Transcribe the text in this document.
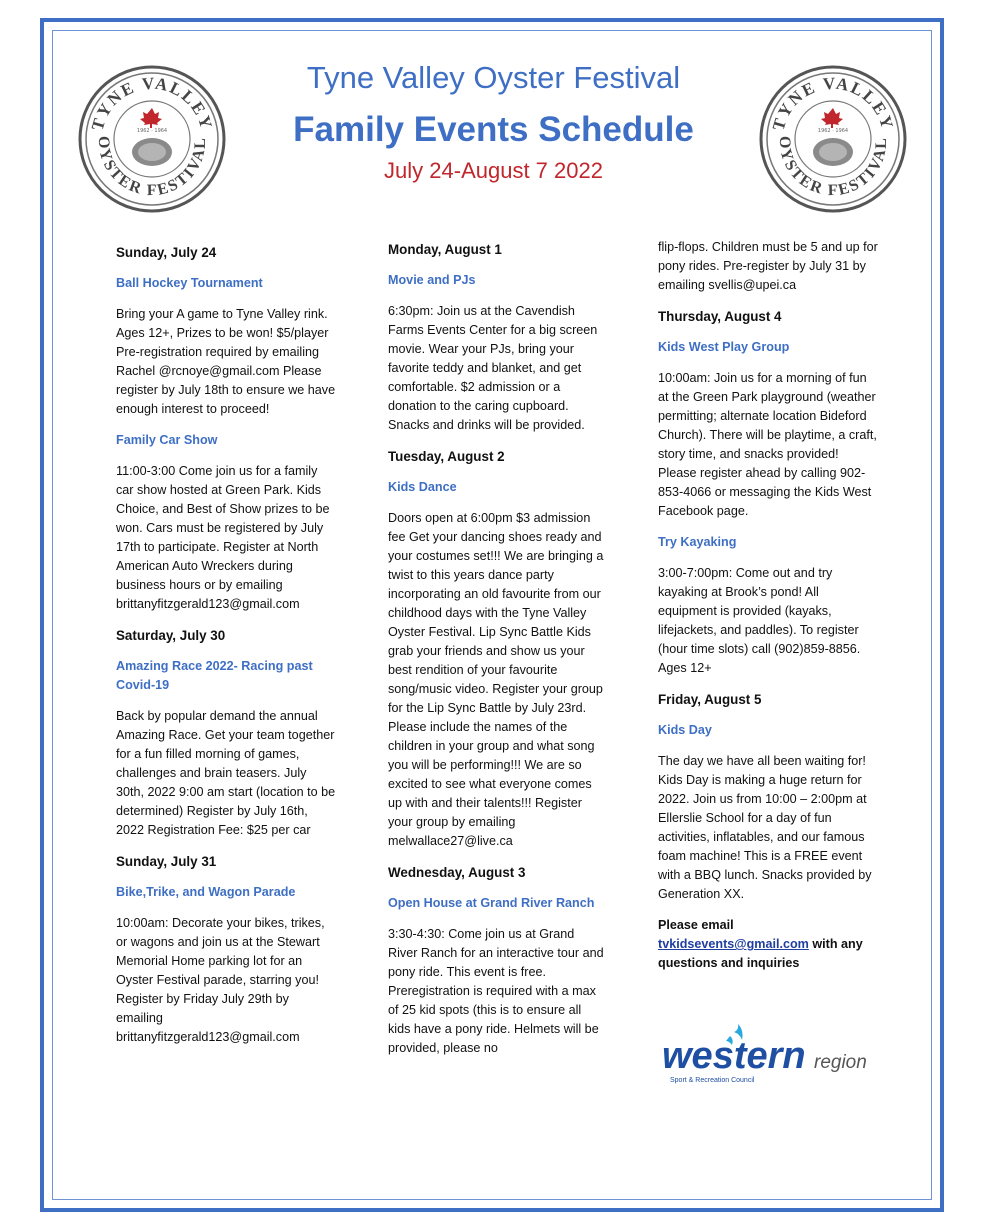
TYNE VALLEY
OYSTER FESTIVAL
1962 · 1964	TYNE VALLEY
OYSTER FESTIVAL
1962 · 1964
Tyne Valley Oyster Festival
Family Events Schedule
July 24-August 7 2022
Sunday, July 24
Ball Hockey Tournament

Bring your A game to Tyne Valley rink. Ages 12+, Prizes to be won! $5/player Pre-registration required by emailing Rachel @rcnoye@gmail.com Please register by July 18th to ensure we have enough interest to proceed!

Family Car Show

11:00-3:00 Come join us for a family car show hosted at Green Park. Kids Choice, and Best of Show prizes to be won. Cars must be registered by July 17th to participate. Register at North American Auto Wreckers during business hours or by emailing brittanyfitzgerald123@gmail.com

Saturday, July 30
Amazing Race 2022- Racing past Covid-19

Back by popular demand the annual Amazing Race. Get your team together for a fun filled morning of games, challenges and brain teasers. July 30th, 2022 9:00 am start (location to be determined) Register by July 16th, 2022 Registration Fee: $25 per car

Sunday, July 31
Bike,Trike, and Wagon Parade

10:00am: Decorate your bikes, trikes, or wagons and join us at the Stewart Memorial Home parking lot for an Oyster Festival parade, starring you! Register by Friday July 29th by emailing brittanyfitzgerald123@gmail.com

Monday, August 1
Movie and PJs

6:30pm: Join us at the Cavendish Farms Events Center for a big screen movie. Wear your PJs, bring your favorite teddy and blanket, and get comfortable. $2 admission or a donation to the caring cupboard. Snacks and drinks will be provided.

Tuesday, August 2
Kids Dance

Doors open at 6:00pm $3 admission fee Get your dancing shoes ready and your costumes set!!! We are bringing a twist to this years dance party incorporating an old favourite from our childhood days with the Tyne Valley Oyster Festival. Lip Sync Battle Kids grab your friends and show us your best rendition of your favourite song/music video. Register your group for the Lip Sync Battle by July 23rd. Please include the names of the children in your group and what song you will be performing!!! We are so excited to see what everyone comes up with and their talents!!! Register your group by emailing melwallace27@live.ca

Wednesday, August 3
Open House at Grand River Ranch

3:30-4:30: Come join us at Grand River Ranch for an interactive tour and pony ride. This event is free. Preregistration is required with a max of 25 kid spots (this is to ensure all kids have a pony ride. Helmets will be provided, please no

flip-flops. Children must be 5 and up for pony rides. Pre-register by July 31 by emailing svellis@upei.ca

Thursday, August 4
Kids West Play Group

10:00am: Join us for a morning of fun at the Green Park playground (weather permitting; alternate location Bideford Church). There will be playtime, a craft, story time, and snacks provided! Please register ahead by calling 902-853-4066 or messaging the Kids West Facebook page.

Try Kayaking

3:00-7:00pm: Come out and try kayaking at Brook’s pond! All equipment is provided (kayaks, lifejackets, and paddles). To register (hour time slots) call (902)859-8856. Ages 12+

Friday, August 5
Kids Day

The day we have all been waiting for! Kids Day is making a huge return for 2022. Join us from 10:00 – 2:00pm at Ellerslie School for a day of fun activities, inflatables, and our famous foam machine! This is a FREE event with a BBQ lunch. Snacks provided by Generation XX.

Please email
tvkidsevents@gmail.com with any questions and inquiries

western region
Sport & Recreation Council
